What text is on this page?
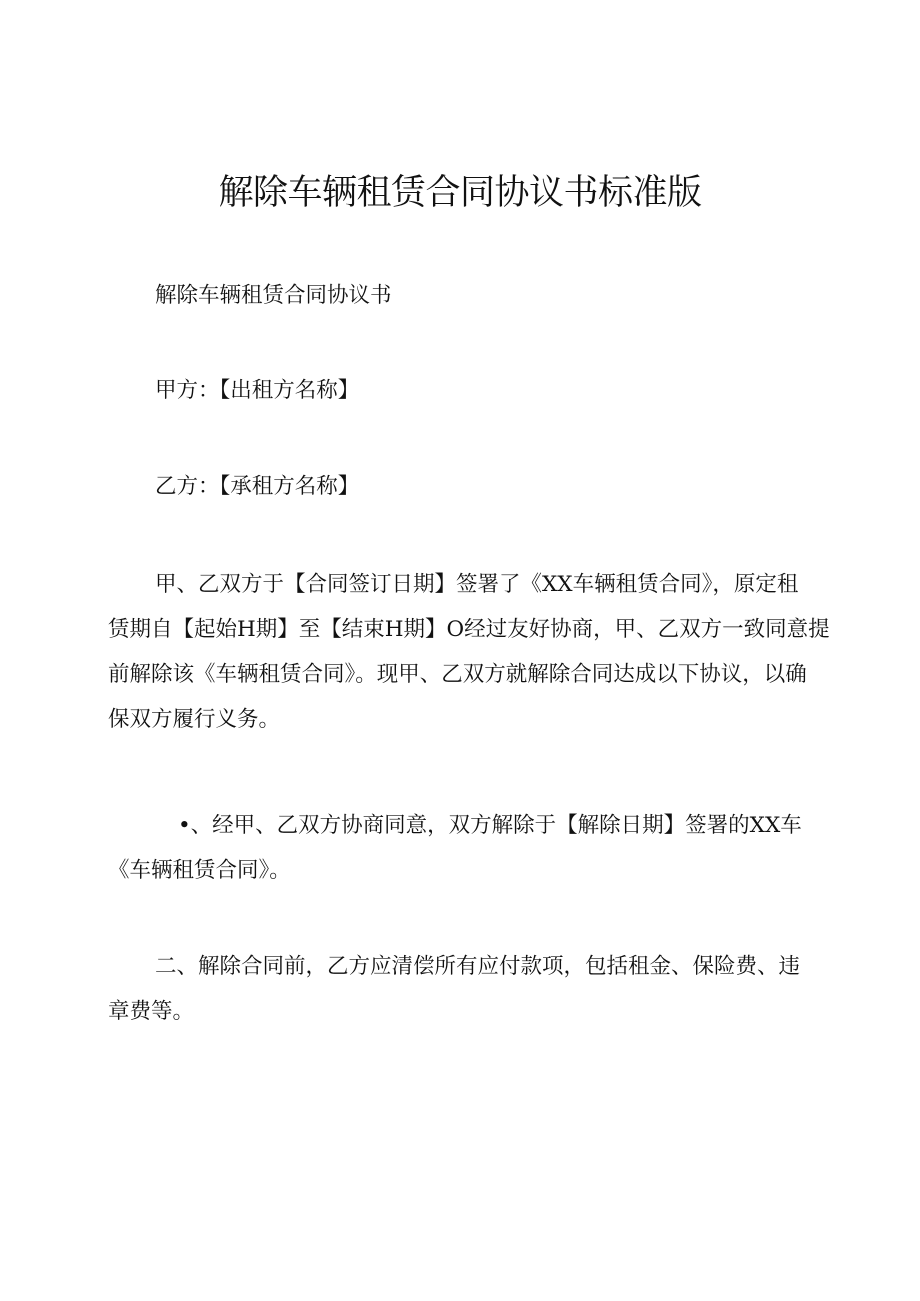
解除车辆租赁合同协议书标准版
解除车辆租赁合同协议书
甲方：【出租方名称】
乙方：【承租方名称】
甲、乙双方于【合同签订日期】签署了《XX车辆租赁合同》，原定租
赁期自【起始H期】至【结束H期】O经过友好协商，甲、乙双方一致同意提
前解除该《车辆租赁合同》。现甲、乙双方就解除合同达成以下协议，以确
保双方履行义务。
•、经甲、乙双方协商同意，双方解除于【解除日期】签署的XX车
《车辆租赁合同》。
二、解除合同前，乙方应清偿所有应付款项，包括租金、保险费、违
章费等。
